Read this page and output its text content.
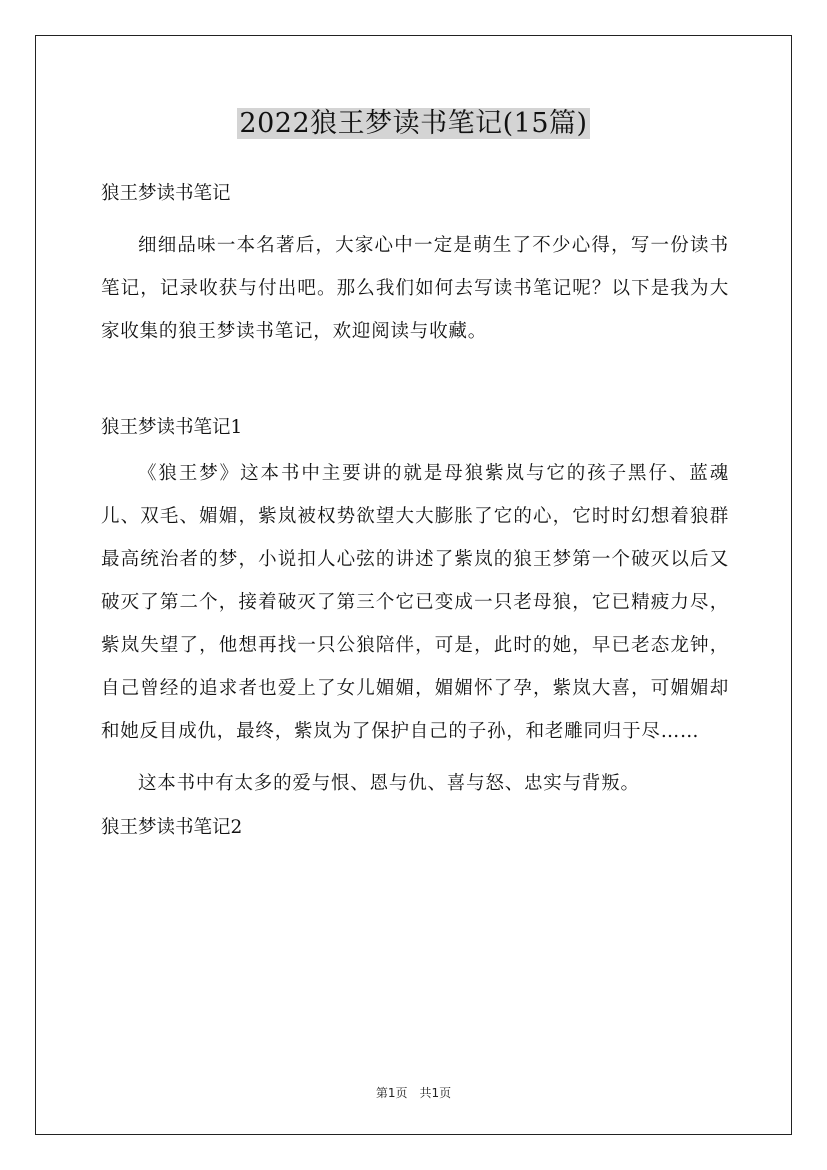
2022狼王梦读书笔记(15篇)

狼王梦读书笔记

细细品味一本名著后，大家心中一定是萌生了不少心得，写一份读书笔记，记录收获与付出吧。那么我们如何去写读书笔记呢？以下是我为大家收集的狼王梦读书笔记，欢迎阅读与收藏。

狼王梦读书笔记1

《狼王梦》这本书中主要讲的就是母狼紫岚与它的孩子黑仔、蓝魂儿、双毛、媚媚，紫岚被权势欲望大大膨胀了它的心，它时时幻想着狼群最高统治者的梦，小说扣人心弦的讲述了紫岚的狼王梦第一个破灭以后又破灭了第二个，接着破灭了第三个它已变成一只老母狼，它已精疲力尽，紫岚失望了，他想再找一只公狼陪伴，可是，此时的她，早已老态龙钟，自己曾经的追求者也爱上了女儿媚媚，媚媚怀了孕，紫岚大喜，可媚媚却和她反目成仇，最终，紫岚为了保护自己的子孙，和老雕同归于尽……

这本书中有太多的爱与恨、恩与仇、喜与怒、忠实与背叛。

狼王梦读书笔记2

第1页　共1页
